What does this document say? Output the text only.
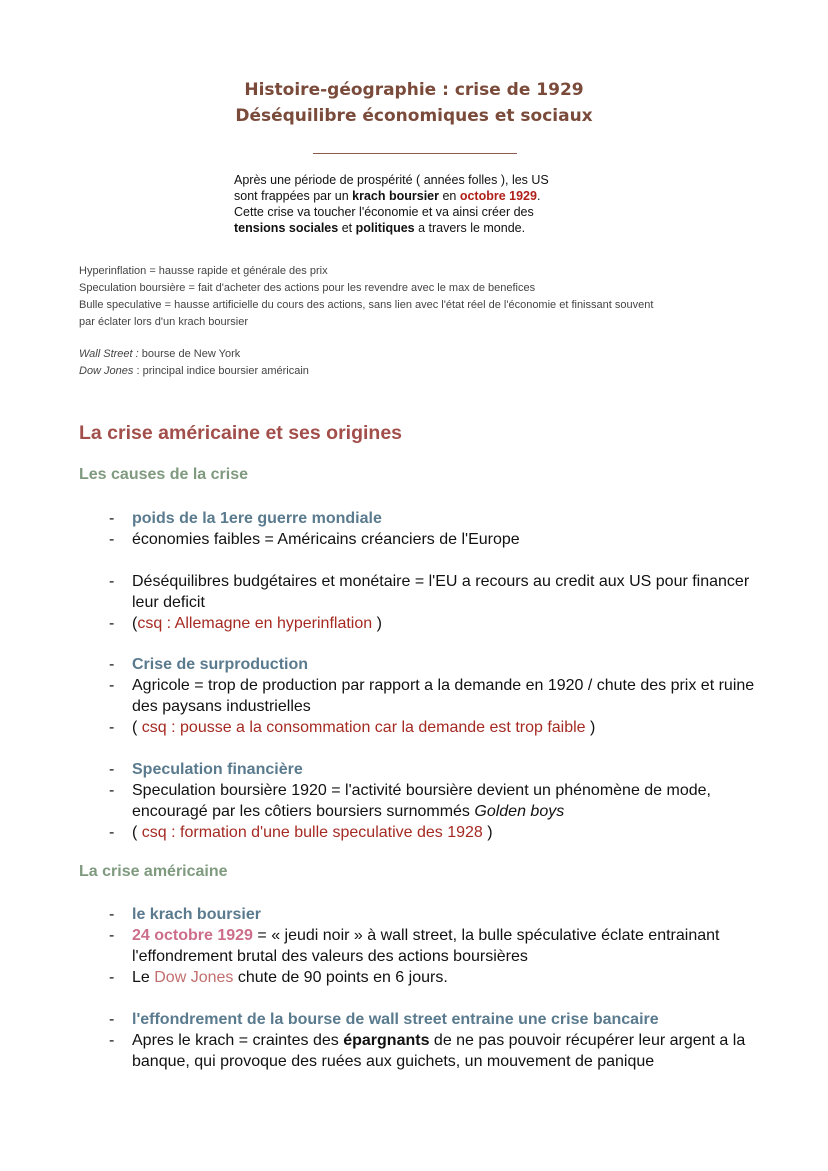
Histoire-géographie : crise de 1929
Déséquilibre économiques et sociaux
Après une période de prospérité ( années folles ), les US
sont frappées par un krach boursier en octobre 1929.
Cette crise va toucher l'économie et va ainsi créer des
tensions sociales et politiques a travers le monde.
Hyperinflation = hausse rapide et générale des prix
Speculation boursière = fait d'acheter des actions pour les revendre avec le max de benefices
Bulle speculative = hausse artificielle du cours des actions, sans lien avec l'état réel de l'économie et finissant souvent
par éclater lors d'un krach boursier
Wall Street : bourse de New York
Dow Jones : principal indice boursier américain
La crise américaine et ses origines
Les causes de la crise
-	poids de la 1ere guerre mondiale
-	économies faibles = Américains créanciers de l'Europe
-	Déséquilibres budgétaires et monétaire = l'EU a recours au credit aux US pour financer leur deficit
-	(csq : Allemagne en hyperinflation )
-	Crise de surproduction
-	Agricole = trop de production par rapport a la demande en 1920 / chute des prix et ruine des paysans industrielles
-	( csq : pousse a la consommation car la demande est trop faible )
-	Speculation financière
-	Speculation boursière 1920 = l'activité boursière devient un phénomène de mode, encouragé par les côtiers boursiers surnommés Golden boys
-	( csq : formation d'une bulle speculative des 1928 )
La crise américaine
-	le krach boursier
-	24 octobre 1929 = « jeudi noir » à wall street, la bulle spéculative éclate entrainant l'effondrement brutal des valeurs des actions boursières
-	Le Dow Jones chute de 90 points en 6 jours.
-	l'effondrement de la bourse de wall street entraine une crise bancaire
-	Apres le krach = craintes des épargnants de ne pas pouvoir récupérer leur argent a la banque, qui provoque des ruées aux guichets, un mouvement de panique
